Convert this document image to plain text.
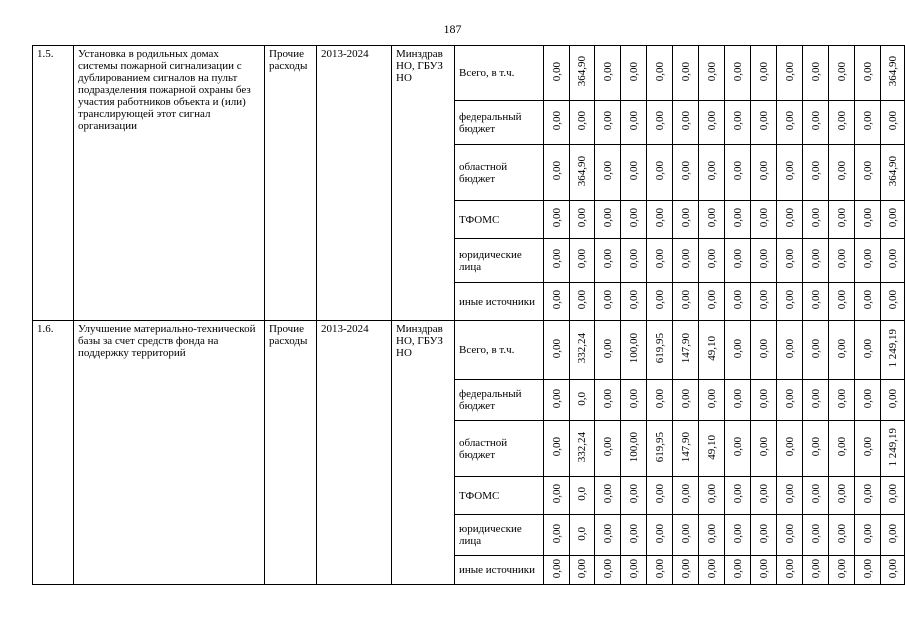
187
1.5.	Установка в родильных домах системы пожарной сигнализации с дублированием сигналов на пульт подразделения пожарной охраны без участия работников объекта и (или) транслирующей этот сигнал организации	Прочие расходы	2013-2024	Минздрав НО, ГБУЗ НО	Всего, в т.ч.	0,00	364,90	0,00	0,00	0,00	0,00	0,00	0,00	0,00	0,00	0,00	0,00	0,00	364,90
					федеральный бюджет	0,00	0,00	0,00	0,00	0,00	0,00	0,00	0,00	0,00	0,00	0,00	0,00	0,00	0,00
					областной бюджет	0,00	364,90	0,00	0,00	0,00	0,00	0,00	0,00	0,00	0,00	0,00	0,00	0,00	364,90
					ТФОМС	0,00	0,00	0,00	0,00	0,00	0,00	0,00	0,00	0,00	0,00	0,00	0,00	0,00	0,00
					юридические лица	0,00	0,00	0,00	0,00	0,00	0,00	0,00	0,00	0,00	0,00	0,00	0,00	0,00	0,00
					иные источники	0,00	0,00	0,00	0,00	0,00	0,00	0,00	0,00	0,00	0,00	0,00	0,00	0,00	0,00
1.6.	Улучшение материально-технической базы за счет средств фонда на поддержку территорий	Прочие расходы	2013-2024	Минздрав НО, ГБУЗ НО	Всего, в т.ч.	0,00	332,24	0,00	100,00	619,95	147,90	49,10	0,00	0,00	0,00	0,00	0,00	0,00	1 249,19
					федеральный бюджет	0,00	0,0	0,00	0,00	0,00	0,00	0,00	0,00	0,00	0,00	0,00	0,00	0,00	0,00
					областной бюджет	0,00	332,24	0,00	100,00	619,95	147,90	49,10	0,00	0,00	0,00	0,00	0,00	0,00	1 249,19
					ТФОМС	0,00	0,0	0,00	0,00	0,00	0,00	0,00	0,00	0,00	0,00	0,00	0,00	0,00	0,00
					юридические лица	0,00	0,0	0,00	0,00	0,00	0,00	0,00	0,00	0,00	0,00	0,00	0,00	0,00	0,00
					иные источники	0,00	0,00	0,00	0,00	0,00	0,00	0,00	0,00	0,00	0,00	0,00	0,00	0,00	0,00
